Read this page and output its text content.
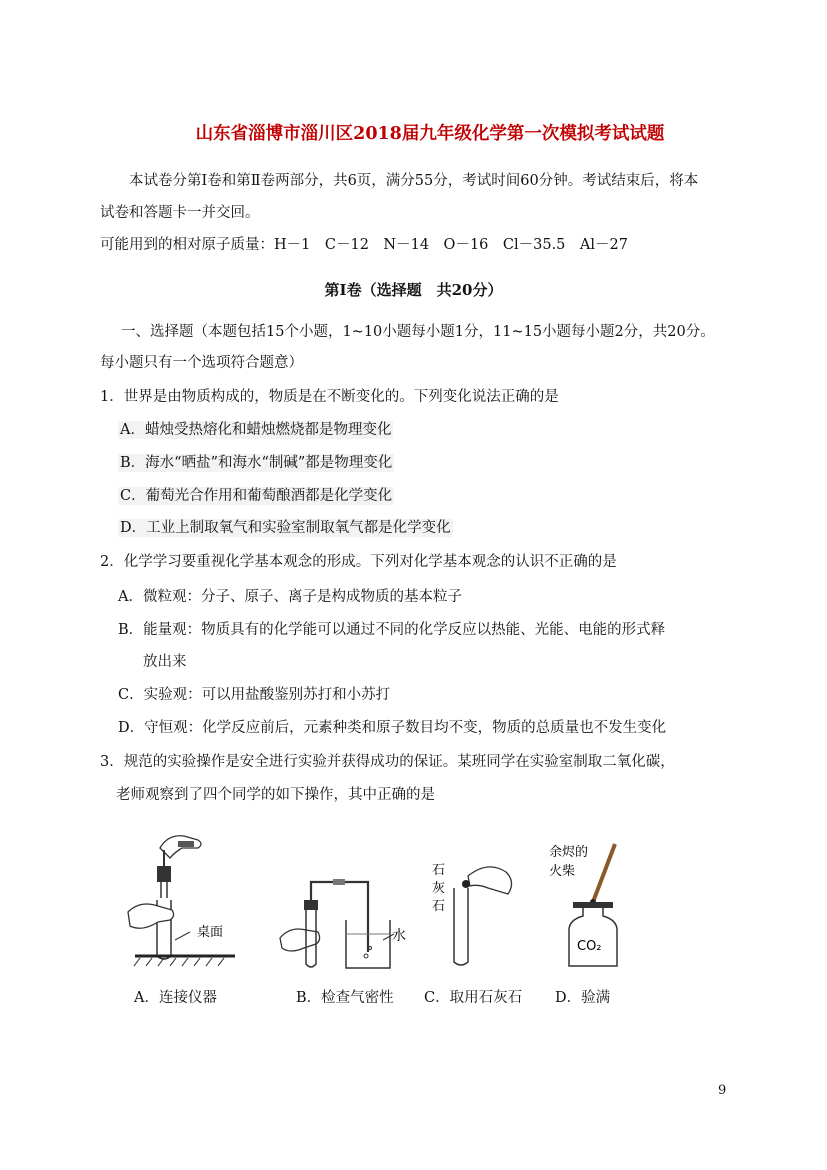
山东省淄博市淄川区2018届九年级化学第一次模拟考试试题
本试卷分第Ⅰ卷和第Ⅱ卷两部分，共6页，满分55分，考试时间60分钟。考试结束后，将本
试卷和答题卡一并交回。
可能用到的相对原子质量：H－1　C－12　N－14　O－16　Cl－35.5　Al－27
第Ⅰ卷（选择题　共20分）
一、选择题（本题包括15个小题，1~10小题每小题1分，11~15小题每小题2分，共20分。
每小题只有一个选项符合题意）
1．世界是由物质构成的，物质是在不断变化的。下列变化说法正确的是
A．蜡烛受热熔化和蜡烛燃烧都是物理变化
B．海水“晒盐”和海水“制碱”都是物理变化
C．葡萄光合作用和葡萄酿酒都是化学变化
D．工业上制取氧气和实验室制取氧气都是化学变化
2．化学学习要重视化学基本观念的形成。下列对化学基本观念的认识不正确的是
A．微粒观：分子、原子、离子是构成物质的基本粒子
B．能量观：物质具有的化学能可以通过不同的化学反应以热能、光能、电能的形式释
放出来
C．实验观：可以用盐酸鉴别苏打和小苏打
D．守恒观：化学反应前后，元素种类和原子数目均不变，物质的总质量也不发生变化
3．规范的实验操作是安全进行实验并获得成功的保证。某班同学在实验室制取二氧化碳，
老师观察到了四个同学的如下操作，其中正确的是
桌面	水
石
灰
石
余烬的
火柴
CO₂
A．连接仪器	B．检查气密性 C．取用石灰石 D．验满
9
